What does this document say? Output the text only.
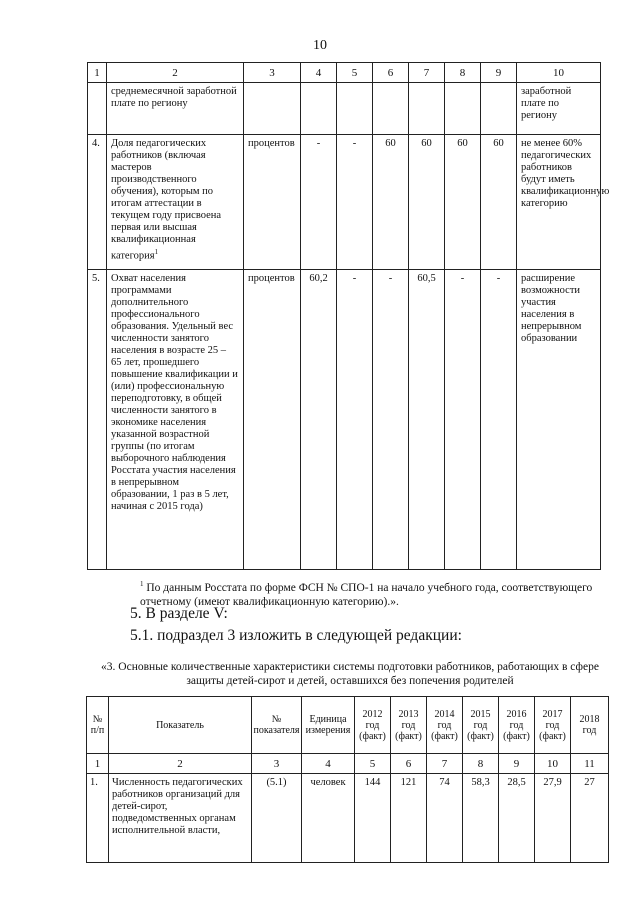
10
1	2	3	4	5	6	7	8	9	10
	среднемесячной заработной плате по региону								заработной плате по региону
4.	Доля педагогических работников (включая мастеров производственного обучения), которым по итогам аттестации в текущем году присвоена первая или высшая квалификационная категория$^1$	процентов	-	-	60	60	60	60	не менее 60% педагогических работников будут иметь квалификационную категорию
5.	Охват населения программами дополнительного профессионального образования. Удельный вес численности занятого населения в возрасте 25 – 65 лет, прошедшего повышение квалификации и (или) профессиональную переподготовку, в общей численности занятого в экономике населения указанной возрастной группы (по итогам выборочного наблюдения Росстата участия населения в непрерывном образовании, 1 раз в 5 лет, начиная с 2015 года)	процентов	60,2	-	-	60,5	-	-	расширение возможности участия населения в непрерывном образовании
$^1$ По данным Росстата по форме ФСН № СПО-1 на начало учебного года, соответствующего отчетному (имеют квалификационную категорию).».
5. В разделе V:
5.1. подраздел 3 изложить в следующей редакции:
«3. Основные количественные характеристики системы подготовки работников, работающих в сфере защиты детей-сирот и детей, оставшихся без попечения родителей
№ п/п	Показатель	№ показателя	Единица измерения	2012 год (факт)	2013 год (факт)	2014 год (факт)	2015 год (факт)	2016 год (факт)	2017 год (факт)	2018 год
1	2	3	4	5	6	7	8	9	10	11
1.	Численность педагогических работников организаций для детей-сирот, подведомственных органам исполнительной власти,	(5.1)	человек	144	121	74	58,3	28,5	27,9	27
